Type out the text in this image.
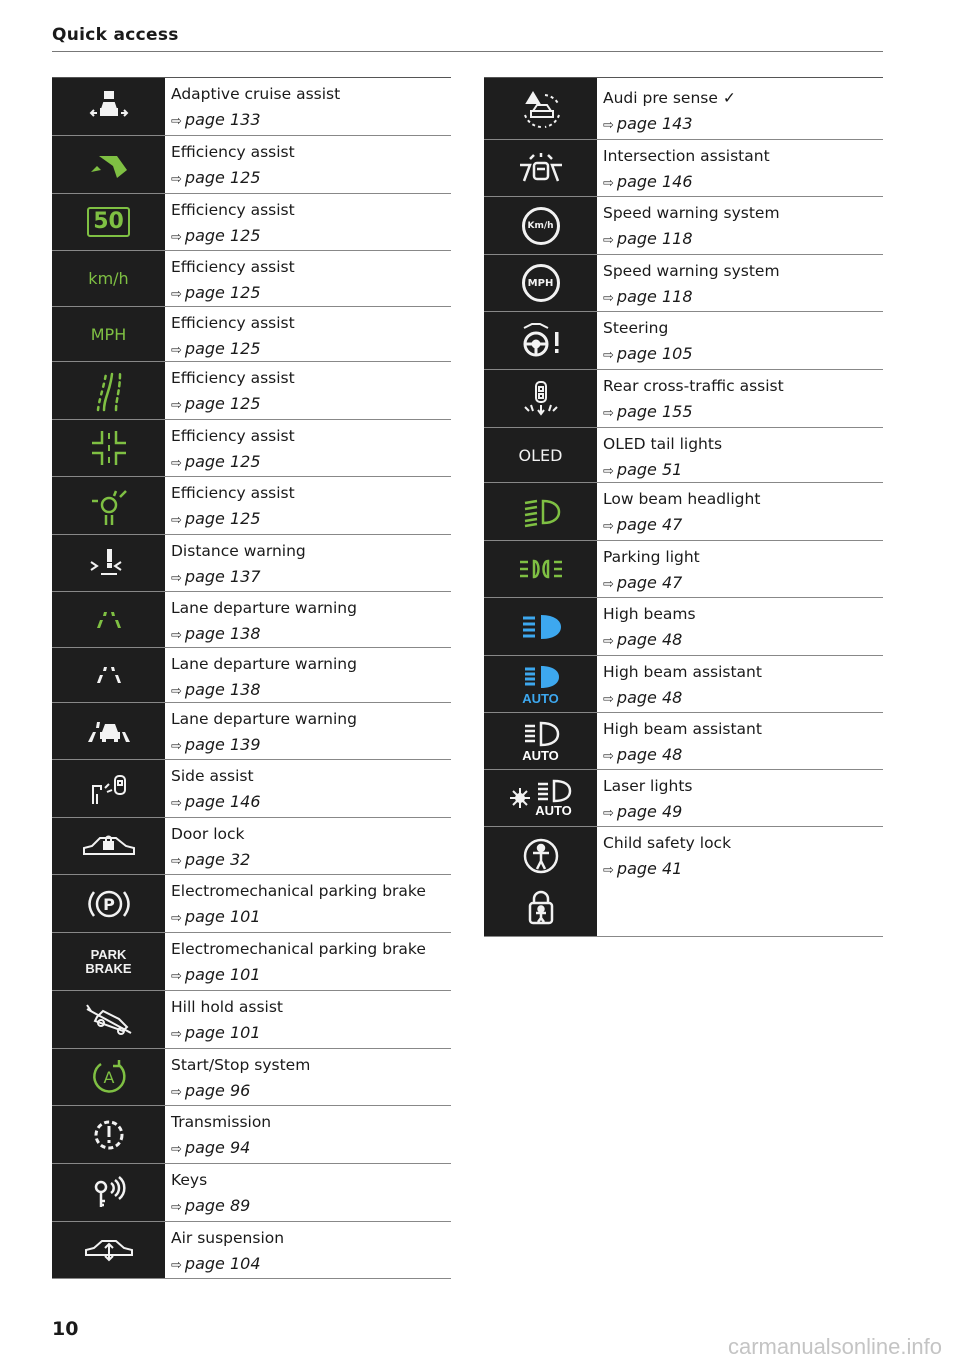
Quick access
Adaptive cruise assist
⇨ page 133
Efficiency assist
⇨ page 125
50	Efficiency assist
⇨ page 125
km/h
Efficiency assist
⇨ page 125
MPH
Efficiency assist
⇨ page 125
Efficiency assist
⇨ page 125
Efficiency assist
⇨ page 125
Efficiency assist
⇨ page 125
Distance warning
⇨ page 137
Lane departure warning
⇨ page 138
Lane departure warning
⇨ page 138
Lane departure warning
⇨ page 139
Side assist
⇨ page 146
Door lock
⇨ page 32
P
Electromechanical parking brake
⇨ page 101
PARK
BRAKE
Electromechanical parking brake
⇨ page 101
Hill hold assist
⇨ page 101
A
Start/Stop system
⇨ page 96
Transmission
⇨ page 94
Keys
⇨ page 89
Air suspension
⇨ page 104
Audi pre sense ✓
⇨ page 143
Intersection assistant
⇨ page 146
Km/h
Speed warning system
⇨ page 118
MPH
Speed warning system
⇨ page 118
Steering
⇨ page 105
Rear cross-traffic assist
⇨ page 155
OLED
OLED tail lights
⇨ page 51
Low beam headlight
⇨ page 47
Parking light
⇨ page 47
High beams
⇨ page 48
AUTO
High beam assistant
⇨ page 48
AUTO
High beam assistant
⇨ page 48
AUTO
Laser lights
⇨ page 49
Child safety lock
⇨ page 41
10
carmanualsonline.info
